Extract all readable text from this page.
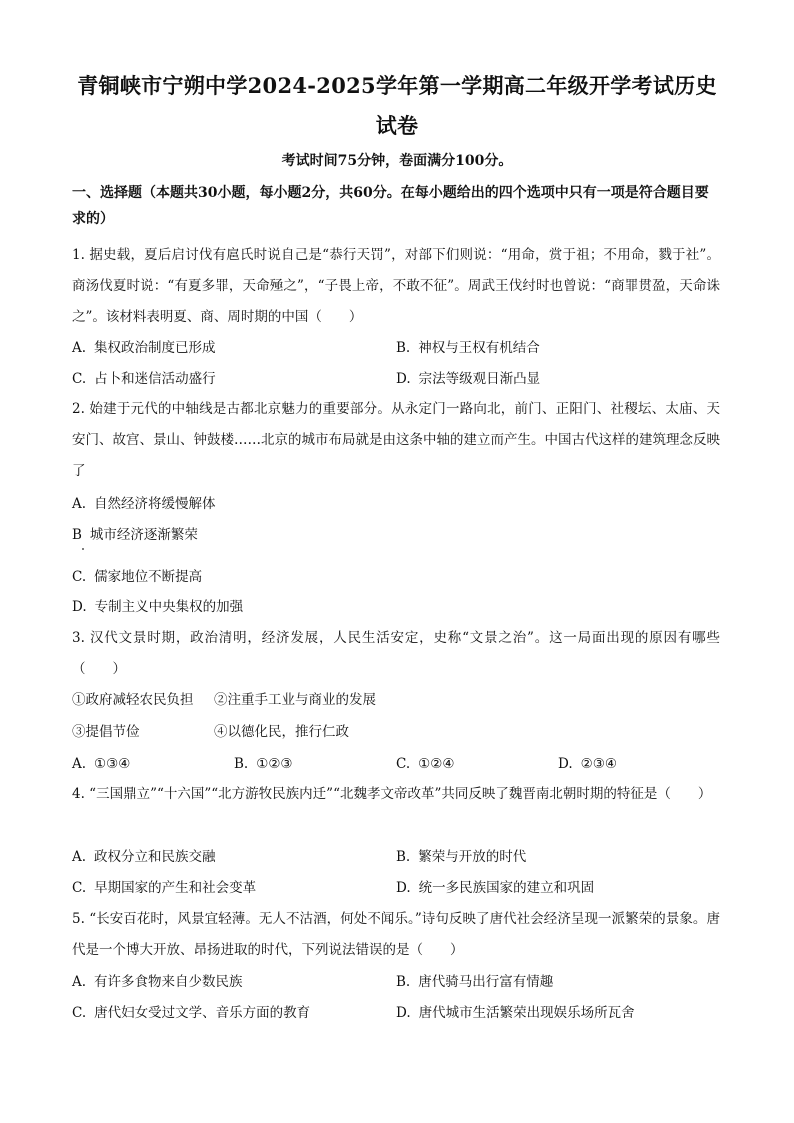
青铜峡市宁朔中学2024-2025学年第一学期高二年级开学考试历史试卷
考试时间75分钟，卷面满分100分。
一、选择题（本题共30小题，每小题2分，共60分。在每小题给出的四个选项中只有一项是符合题目要求的）
1. 据史载，夏后启讨伐有扈氏时说自己是“恭行天罚”，对部下们则说：“用命，赏于祖；不用命，戮于社”。商汤伐夏时说：“有夏多罪，天命殛之”，“子畏上帝，不敢不征”。周武王伐纣时也曾说：“商罪贯盈，天命诛之”。该材料表明夏、商、周时期的中国（　　）
A. 集权政治制度已形成	B. 神权与王权有机结合
C. 占卜和迷信活动盛行	D. 宗法等级观日渐凸显
2. 始建于元代的中轴线是古都北京魅力的重要部分。从永定门一路向北，前门、正阳门、社稷坛、太庙、天安门、故宫、景山、钟鼓楼……北京的城市布局就是由这条中轴的建立而产生。中国古代这样的建筑理念反映了
A. 自然经济将缓慢解体
B 城市经济逐渐繁荣
C. 儒家地位不断提高
D. 专制主义中央集权的加强
3. 汉代文景时期，政治清明，经济发展，人民生活安定，史称“文景之治”。这一局面出现的原因有哪些（　　）
①政府减轻农民负担 ②注重手工业与商业的发展
③提倡节俭	④以德化民，推行仁政
A. ①③④	B. ①②③	C. ①②④	D. ②③④
4. “三国鼎立”“十六国”“北方游牧民族内迁”“北魏孝文帝改革”共同反映了魏晋南北朝时期的特征是（　　）
A. 政权分立和民族交融	B. 繁荣与开放的时代
C. 早期国家的产生和社会变革	D. 统一多民族国家的建立和巩固
5. “长安百花时，风景宜轻薄。无人不沽酒，何处不闻乐。”诗句反映了唐代社会经济呈现一派繁荣的景象。唐代是一个博大开放、昂扬进取的时代，下列说法错误的是（　　）
A. 有许多食物来自少数民族	B. 唐代骑马出行富有情趣
C. 唐代妇女受过文学、音乐方面的教育	D. 唐代城市生活繁荣出现娱乐场所瓦舍
